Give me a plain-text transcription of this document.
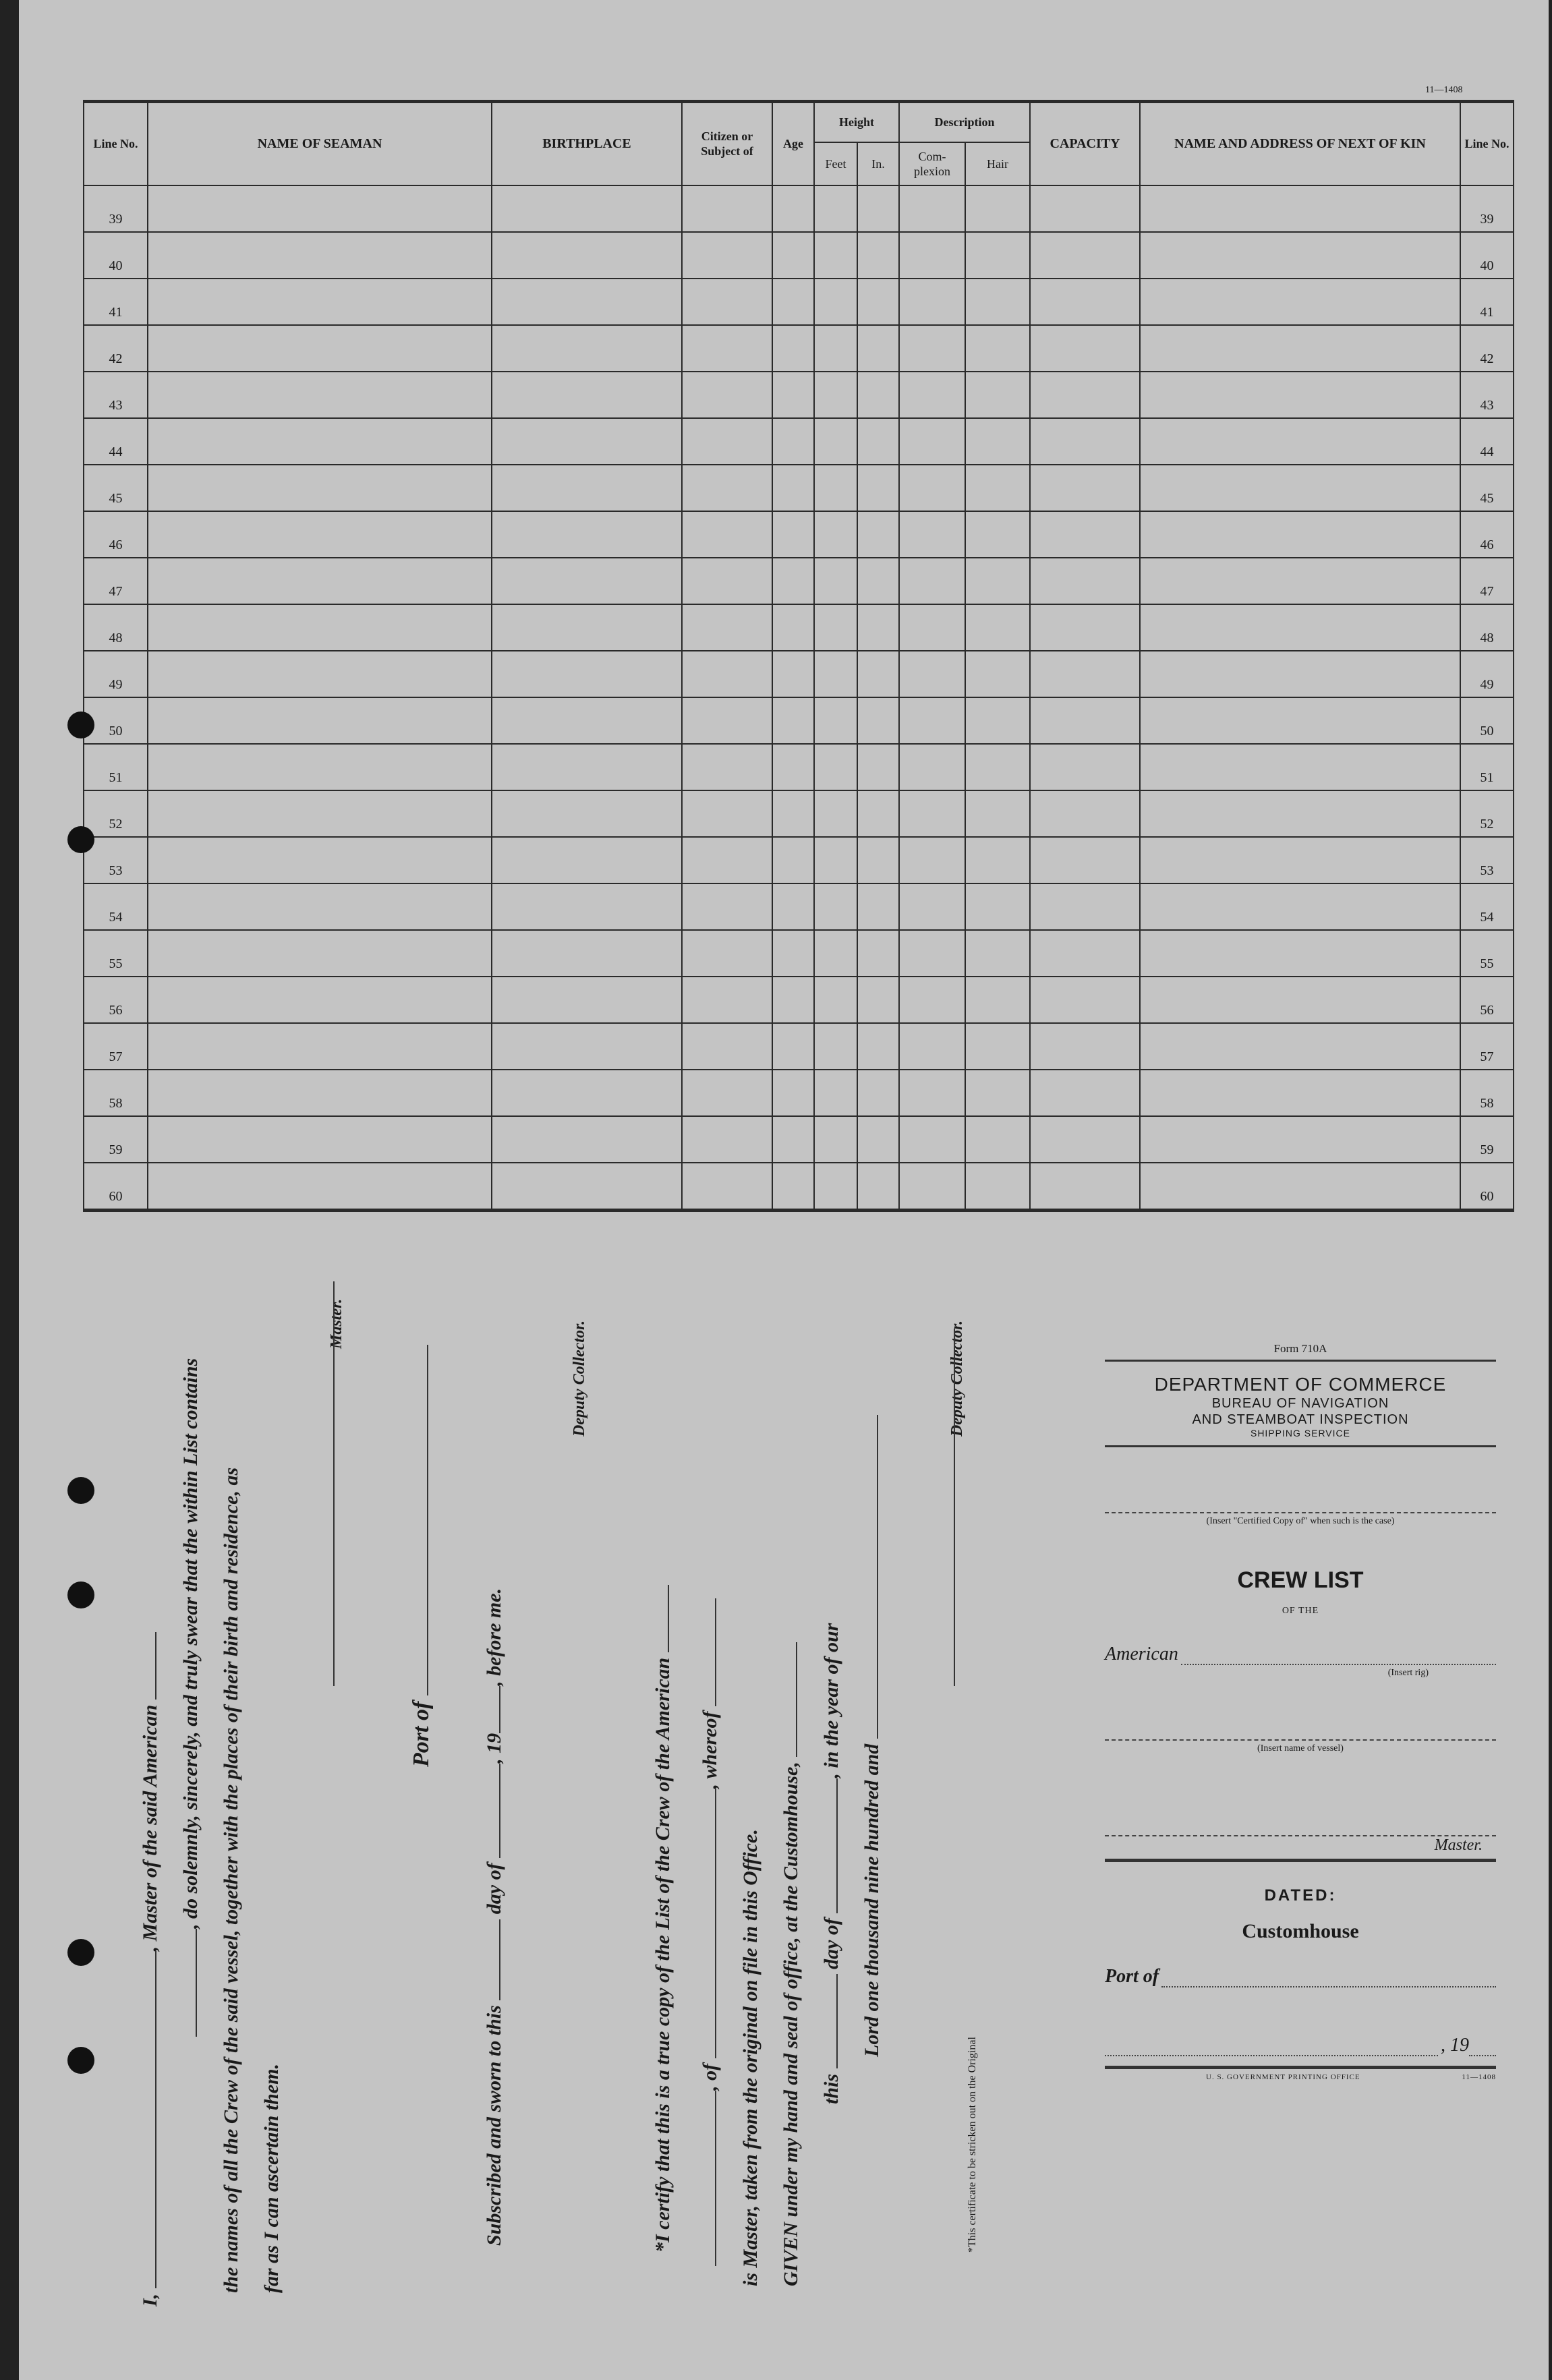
11—1408
Line No.	NAME OF SEAMAN	BIRTHPLACE	Citizen or Subject of	Age	Height		Description		CAPACITY	NAME AND ADDRESS OF NEXT OF KIN	Line No.
					Feet	In.	Com- plexion	Hair			
39											39
40											40
41											41
42											42
43											43
44											44
45											45
46											46
47											47
48											48
49											49
50											50
51											51
52											52
53											53
54											54
55											55
56											56
57											57
58											58
59											59
60											60
I, , Master of the said American , do solemnly, sincerely, and truly swear that the within List contains the names of all the Crew of the said vessel, together with the places of their birth and residence, as far as I can ascertain them.
Master.
Port of
Subscribed and sworn to this  day of , 19, before me.
Deputy Collector.
*I certify that this is a true copy of the List of the Crew of the American , of , whereof
is Master, taken from the original on file in this Office. GIVEN under my hand and seal of office, at the Customhouse, this  day of , in the year of our
Lord one thousand nine hundred and
Deputy Collector.
*This certificate to be stricken out on the Original
Form 710A
DEPARTMENT OF COMMERCE
BUREAU OF NAVIGATION
AND STEAMBOAT INSPECTION
SHIPPING SERVICE
(Insert "Certified Copy of" when such is the case)
CREW LIST
OF THE
American
(Insert rig)
(Insert name of vessel)
Master.
DATED:
Customhouse
Port of
, 19
U. S. GOVERNMENT PRINTING OFFICE	11—1408
